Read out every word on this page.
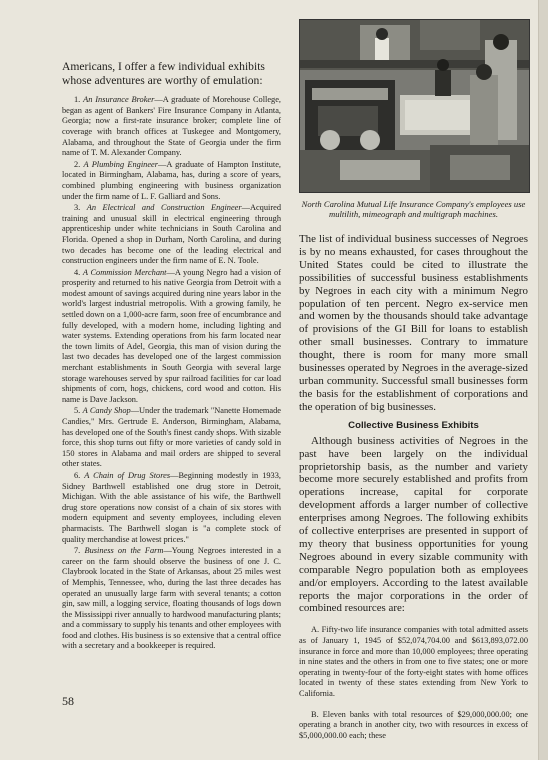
Americans, I offer a few individual exhibits whose adventures are worthy of emulation:

1. An Insurance Broker—A graduate of Morehouse College, began as agent of Bankers' Fire Insurance Company in Atlanta, Georgia; now a first-rate insurance broker; complete line of coverage with branch offices at Tuskegee and Montgomery, Alabama, and throughout the State of Georgia under the firm name of T. M. Alexander Company.

2. A Plumbing Engineer—A graduate of Hampton Institute, located in Birmingham, Alabama, has, during a score of years, combined plumbing engineering with business organization under the firm name of L. F. Galliard and Sons.

3. An Electrical and Construction Engineer—Acquired training and unusual skill in electrical engineering through apprenticeship under white technicians in South Carolina and Florida. Opened a shop in Durham, North Carolina, and during two decades has become one of the leading electrical and construction engineers under the firm name of E. N. Toole.

4. A Commission Merchant—A young Negro had a vision of prosperity and returned to his native Georgia from Detroit with a modest amount of savings acquired during nine years labor in the world's largest industrial metropolis. With a growing family, he settled down on a 1,000-acre farm, soon free of encumbrance and fully developed, with a modern home, including lighting and water systems. Extending operations from his farm located near the town limits of Adel, Georgia, this man of vision during the last two decades has developed one of the largest commission merchant establishments in South Georgia with several large storage warehouses served by spur railroad facilities for car load shipments of corn, hogs, chickens, cord wood and cotton. His name is Dave Jackson.

5. A Candy Shop—Under the trademark "Nanette Homemade Candies," Mrs. Gertrude E. Anderson, Birmingham, Alabama, has developed one of the South's finest candy shops. With sizable force, this shop turns out fifty or more varieties of candy sold in 150 stores in Alabama and mail orders are shipped to several other states.

6. A Chain of Drug Stores—Beginning modestly in 1933, Sidney Barthwell established one drug store in Detroit, Michigan. With the able assistance of his wife, the Barthwell drug store operations now consist of a chain of six stores with modern equipment and seventy employees, including eleven pharmacists. The Barthwell slogan is "a complete stock of quality merchandise at lowest prices."

7. Business on the Farm—Young Negroes interested in a career on the farm should observe the business of one J. C. Claybrook located in the State of Arkansas, about 25 miles west of Memphis, Tennessee, who, during the last three decades has operated an unusually large farm with several tenants; a cotton gin, saw mill, a logging service, floating thousands of logs down the Mississippi river annually to hardwood manufacturing plants; and a commissary to supply his tenants and other employees with food and clothes. His business is so extensive that a central office with a secretary and a bookkeeper is required.

58

North Carolina Mutual Life Insurance Company's employees use multilith, mimeograph and multigraph machines.

The list of individual business successes of Negroes is by no means exhausted, for cases throughout the United States could be cited to illustrate the possibilities of successful business establishments by Negroes in each city with a minimum Negro population of ten percent. Negro ex-service men and women by the thousands should take advantage of provisions of the GI Bill for loans to establish other small businesses. Contrary to immature thought, there is room for many more small businesses operated by Negroes in the average-sized urban community. Successful small businesses form the basis for the establishment of corporations and the operation of big businesses.

Collective Business Exhibits

Although business activities of Negroes in the past have been largely on the individual proprietorship basis, as the number and variety become more securely established and profits from operations increase, capital for corporate development affords a larger number of collective enterprises among Negroes. The following exhibits of collective enterprises are presented in support of my theory that business opportunities for young Negroes abound in every sizable community with comparable Negro population both as employees and/or employers. According to the latest available reports the major corporations in the order of combined resources are:

A. Fifty-two life insurance companies with total admitted assets as of January 1, 1945 of $52,074,704.00 and $613,893,072.00 insurance in force and more than 10,000 employees; three operating in nine states and the others in from one to five states; one or more operating in twenty-four of the forty-eight states with home offices located in twenty of these states extending from New York to California.

B. Eleven banks with total resources of $29,000,000.00; one operating a branch in another city, two with resources in excess of $5,000,000.00 each; these
